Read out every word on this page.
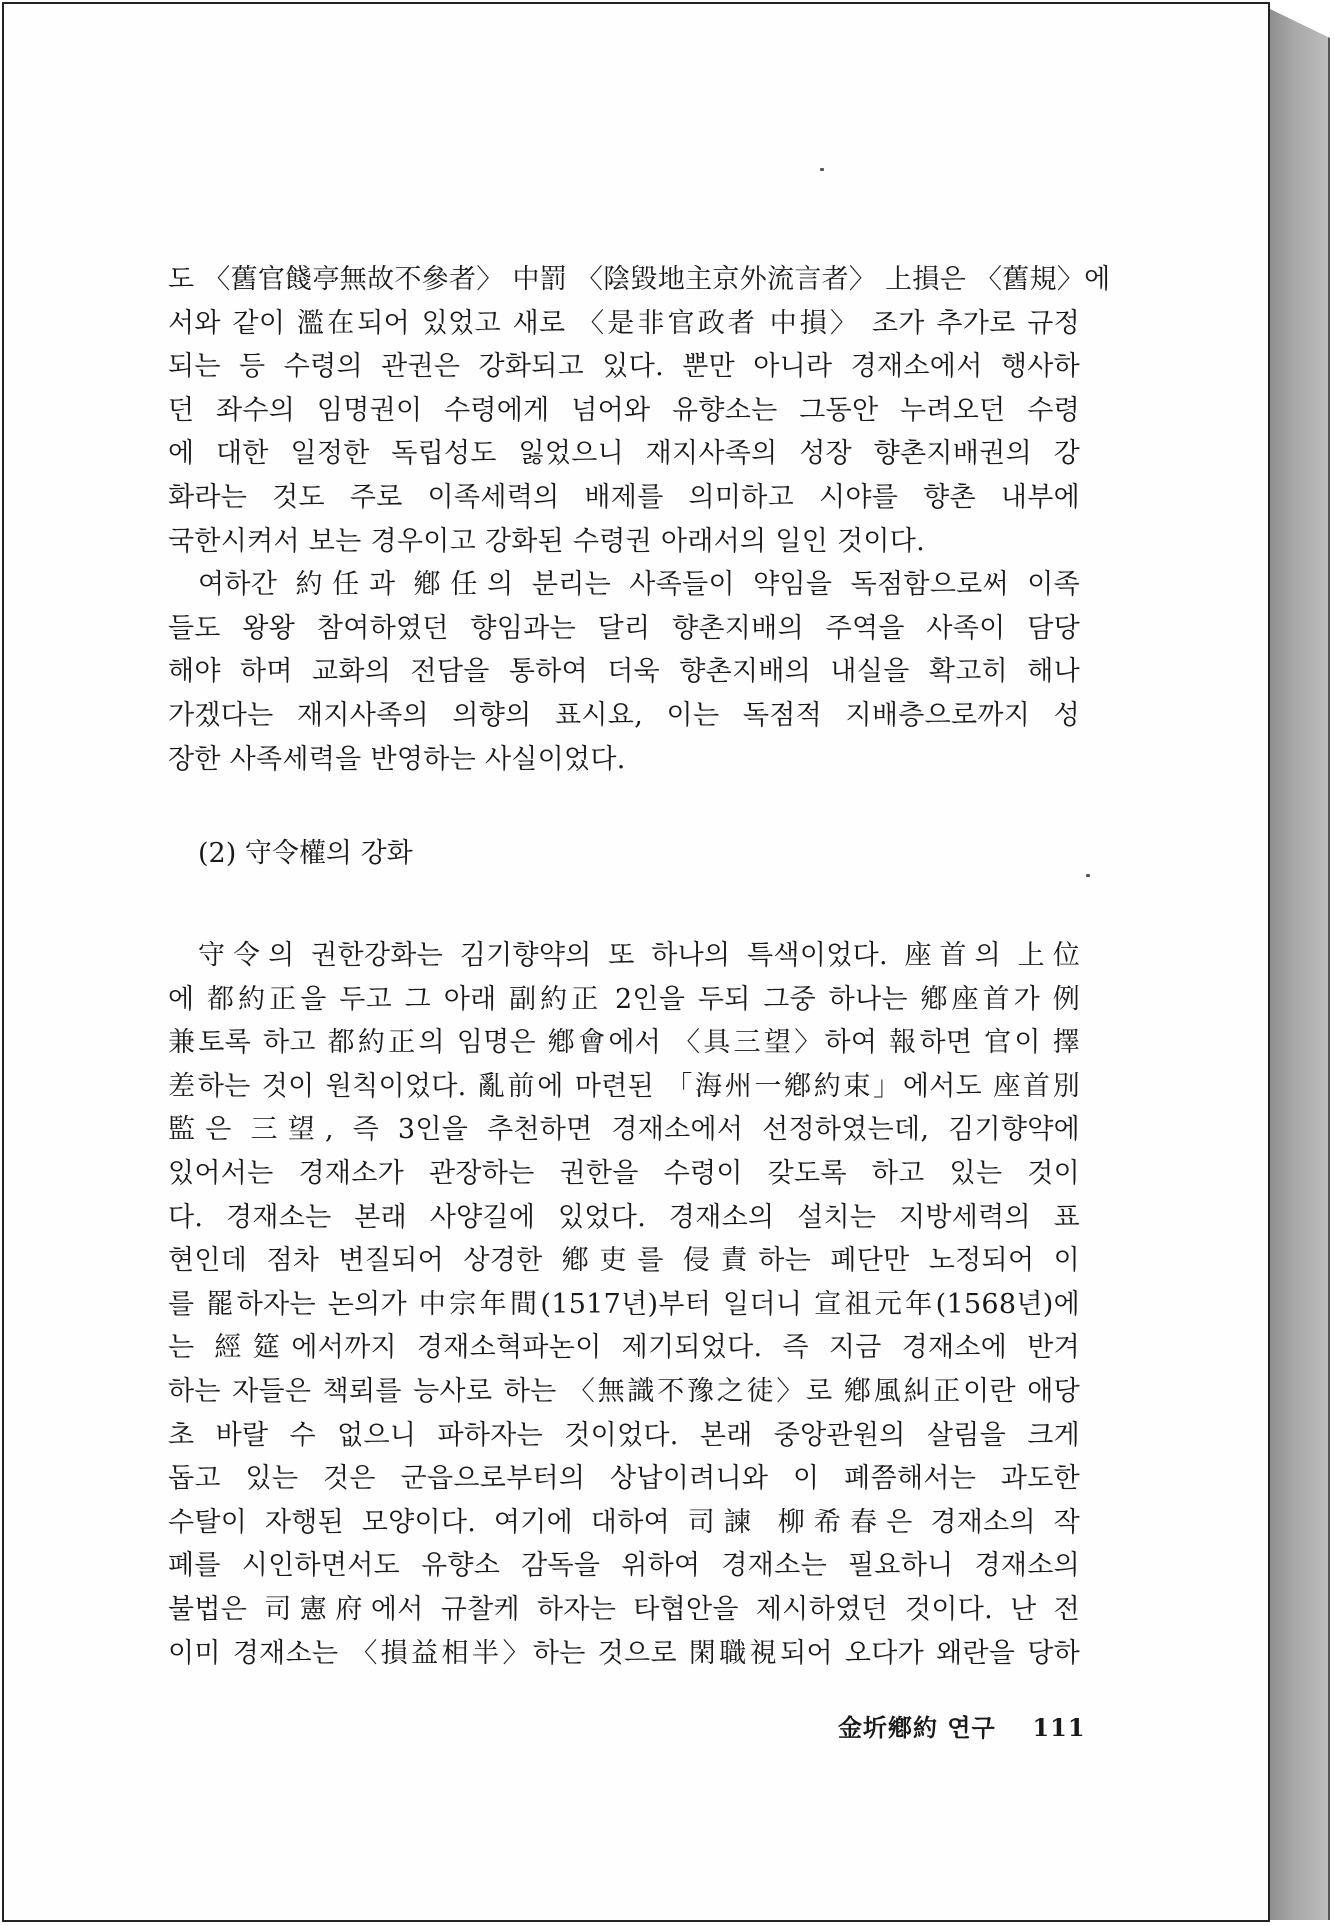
도 〈舊官餞亭無故不參者〉 中罰 〈陰毀地主京外流言者〉 上損은 〈舊規〉에
서와 같이 濫在되어 있었고 새로 〈是非官政者 中損〉 조가 추가로 규정
되는 등 수령의 관권은 강화되고 있다. 뿐만 아니라 경재소에서 행사하
던 좌수의 임명권이 수령에게 넘어와 유향소는 그동안 누려오던 수령
에 대한 일정한 독립성도 잃었으니 재지사족의 성장 향촌지배권의 강
화라는 것도 주로 이족세력의 배제를 의미하고 시야를 향촌 내부에
국한시켜서 보는 경우이고 강화된 수령권 아래서의 일인 것이다.
여하간 約任과 鄕任의 분리는 사족들이 약임을 독점함으로써 이족
들도 왕왕 참여하였던 향임과는 달리 향촌지배의 주역을 사족이 담당
해야 하며 교화의 전담을 통하여 더욱 향촌지배의 내실을 확고히 해나
가겠다는 재지사족의 의향의 표시요, 이는 독점적 지배층으로까지 성
장한 사족세력을 반영하는 사실이었다.
(2) 守令權의 강화
守令의 권한강화는 김기향약의 또 하나의 특색이었다. 座首의 上位
에 都約正을 두고 그 아래 副約正 2인을 두되 그중 하나는 鄕座首가 例
兼토록 하고 都約正의 임명은 鄕會에서 〈具三望〉하여 報하면 官이 擇
差하는 것이 원칙이었다. 亂前에 마련된 「海州一鄕約束」에서도 座首別
監은 三望, 즉 3인을 추천하면 경재소에서 선정하였는데, 김기향약에
있어서는 경재소가 관장하는 권한을 수령이 갖도록 하고 있는 것이
다. 경재소는 본래 사양길에 있었다. 경재소의 설치는 지방세력의 표
현인데 점차 변질되어 상경한 鄕吏를 侵責하는 폐단만 노정되어 이
를 罷하자는 논의가 中宗年間(1517년)부터 일더니 宣祖元年(1568년)에
는 經筵에서까지 경재소혁파논이 제기되었다. 즉 지금 경재소에 반겨
하는 자들은 책뢰를 능사로 하는 〈無識不豫之徒〉로 鄕風糾正이란 애당
초 바랄 수 없으니 파하자는 것이었다. 본래 중앙관원의 살림을 크게
돕고 있는 것은 군읍으로부터의 상납이려니와 이 폐쯤해서는 과도한
수탈이 자행된 모양이다. 여기에 대하여 司諫 柳希春은 경재소의 작
폐를 시인하면서도 유향소 감독을 위하여 경재소는 필요하니 경재소의
불법은 司憲府에서 규찰케 하자는 타협안을 제시하였던 것이다. 난 전
이미 경재소는 〈損益相半〉하는 것으로 閑職視되어 오다가 왜란을 당하
金圻鄕約 연구 111
